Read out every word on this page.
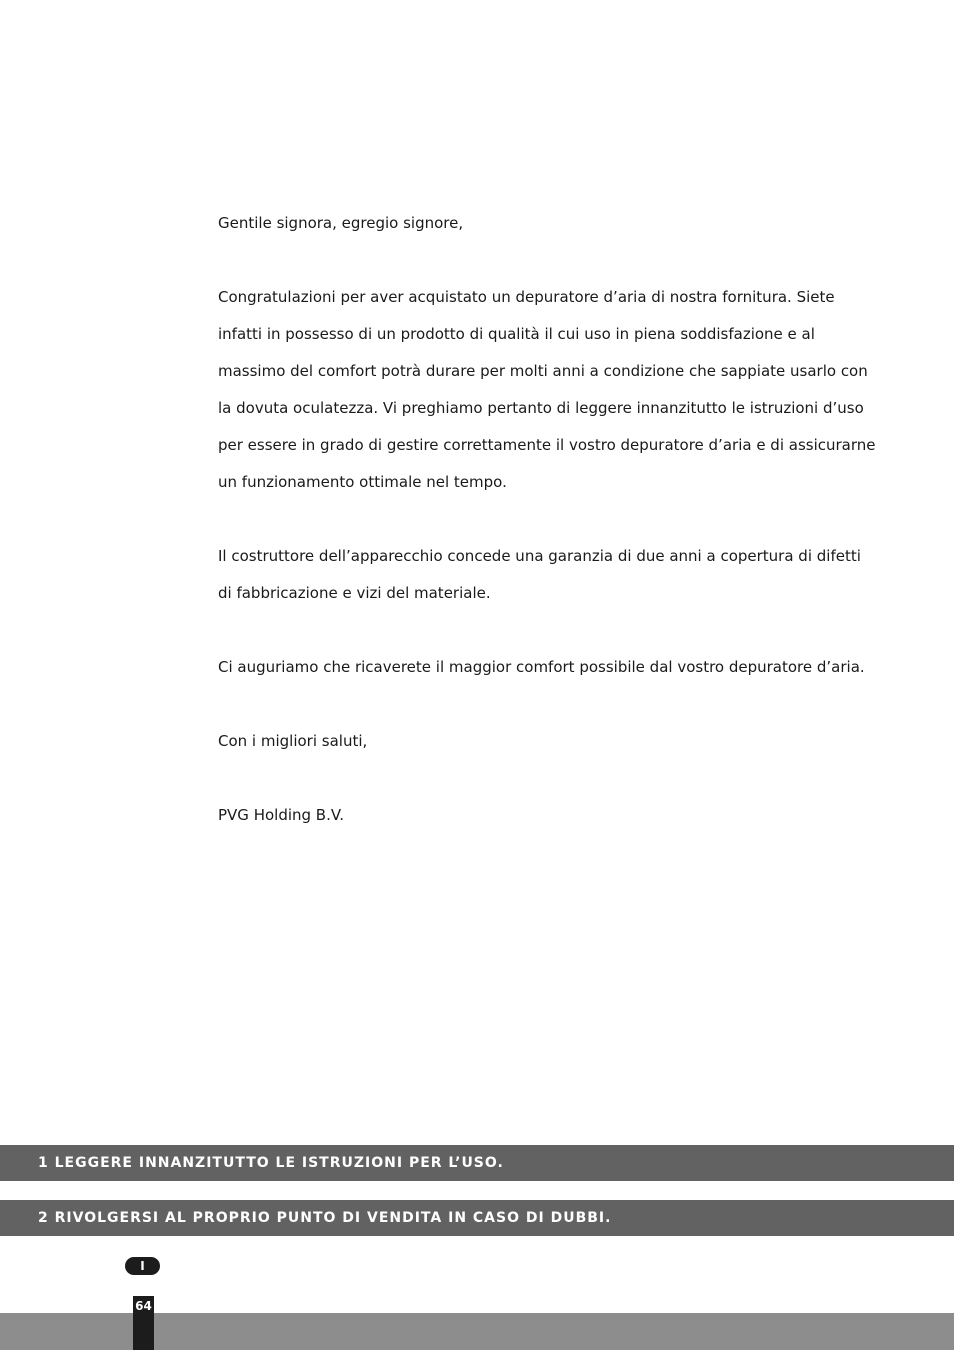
Gentile signora, egregio signore,

Congratulazioni per aver acquistato un depuratore d’aria di nostra fornitura. Siete infatti in possesso di un prodotto di qualità il cui uso in piena soddisfazione e al massimo del comfort potrà durare per molti anni a condizione che sappiate usarlo con la dovuta oculatezza. Vi preghiamo pertanto di leggere innanzitutto le istruzioni d’uso per essere in grado di gestire correttamente il vostro depuratore d’aria e di assicurarne un funzionamento ottimale nel tempo.

Il costruttore dell’apparecchio concede una garanzia di due anni a copertura di difetti di fabbricazione e vizi del materiale.

Ci auguriamo che ricaverete il maggior comfort possibile dal vostro depuratore d’aria.

Con i migliori saluti,

PVG Holding B.V.

1 LEGGERE INNANZITUTTO LE ISTRUZIONI PER L’USO.
2 RIVOLGERSI AL PROPRIO PUNTO DI VENDITA IN CASO DI DUBBI.
I
64
